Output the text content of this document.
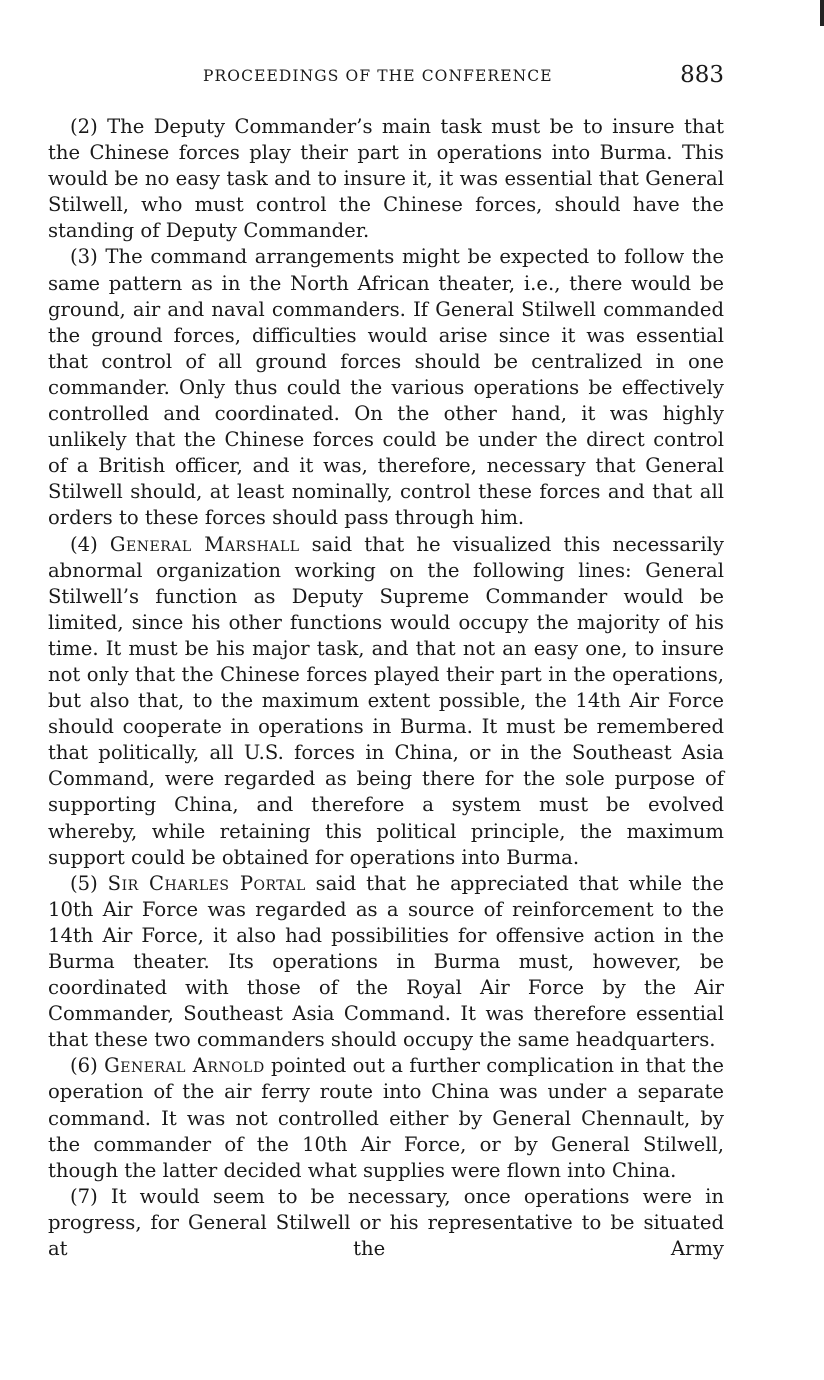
PROCEEDINGS OF THE CONFERENCE	883

(2) The Deputy Commander’s main task must be to insure that the Chinese forces play their part in operations into Burma. This would be no easy task and to insure it, it was essential that General Stilwell, who must control the Chinese forces, should have the standing of Deputy Commander.

(3) The command arrangements might be expected to follow the same pattern as in the North African theater, i.e., there would be ground, air and naval commanders. If General Stilwell commanded the ground forces, difficulties would arise since it was essential that control of all ground forces should be centralized in one commander. Only thus could the various operations be effectively controlled and coordinated. On the other hand, it was highly unlikely that the Chinese forces could be under the direct control of a British officer, and it was, therefore, necessary that General Stilwell should, at least nominally, control these forces and that all orders to these forces should pass through him.

(4) General Marshall said that he visualized this necessarily abnormal organization working on the following lines: General Stilwell’s function as Deputy Supreme Commander would be limited, since his other functions would occupy the majority of his time. It must be his major task, and that not an easy one, to insure not only that the Chinese forces played their part in the operations, but also that, to the maximum extent possible, the 14th Air Force should cooperate in operations in Burma. It must be remembered that politically, all U.S. forces in China, or in the Southeast Asia Command, were regarded as being there for the sole purpose of supporting China, and therefore a system must be evolved whereby, while retaining this political principle, the maximum support could be obtained for operations into Burma.

(5) Sir Charles Portal said that he appreciated that while the 10th Air Force was regarded as a source of reinforcement to the 14th Air Force, it also had possibilities for offensive action in the Burma theater. Its operations in Burma must, however, be coordinated with those of the Royal Air Force by the Air Commander, Southeast Asia Command. It was therefore essential that these two commanders should occupy the same headquarters.

(6) General Arnold pointed out a further complication in that the operation of the air ferry route into China was under a separate command. It was not controlled either by General Chennault, by the commander of the 10th Air Force, or by General Stilwell, though the latter decided what supplies were flown into China.

(7) It would seem to be necessary, once operations were in progress, for General Stilwell or his representative to be situated at the Army
